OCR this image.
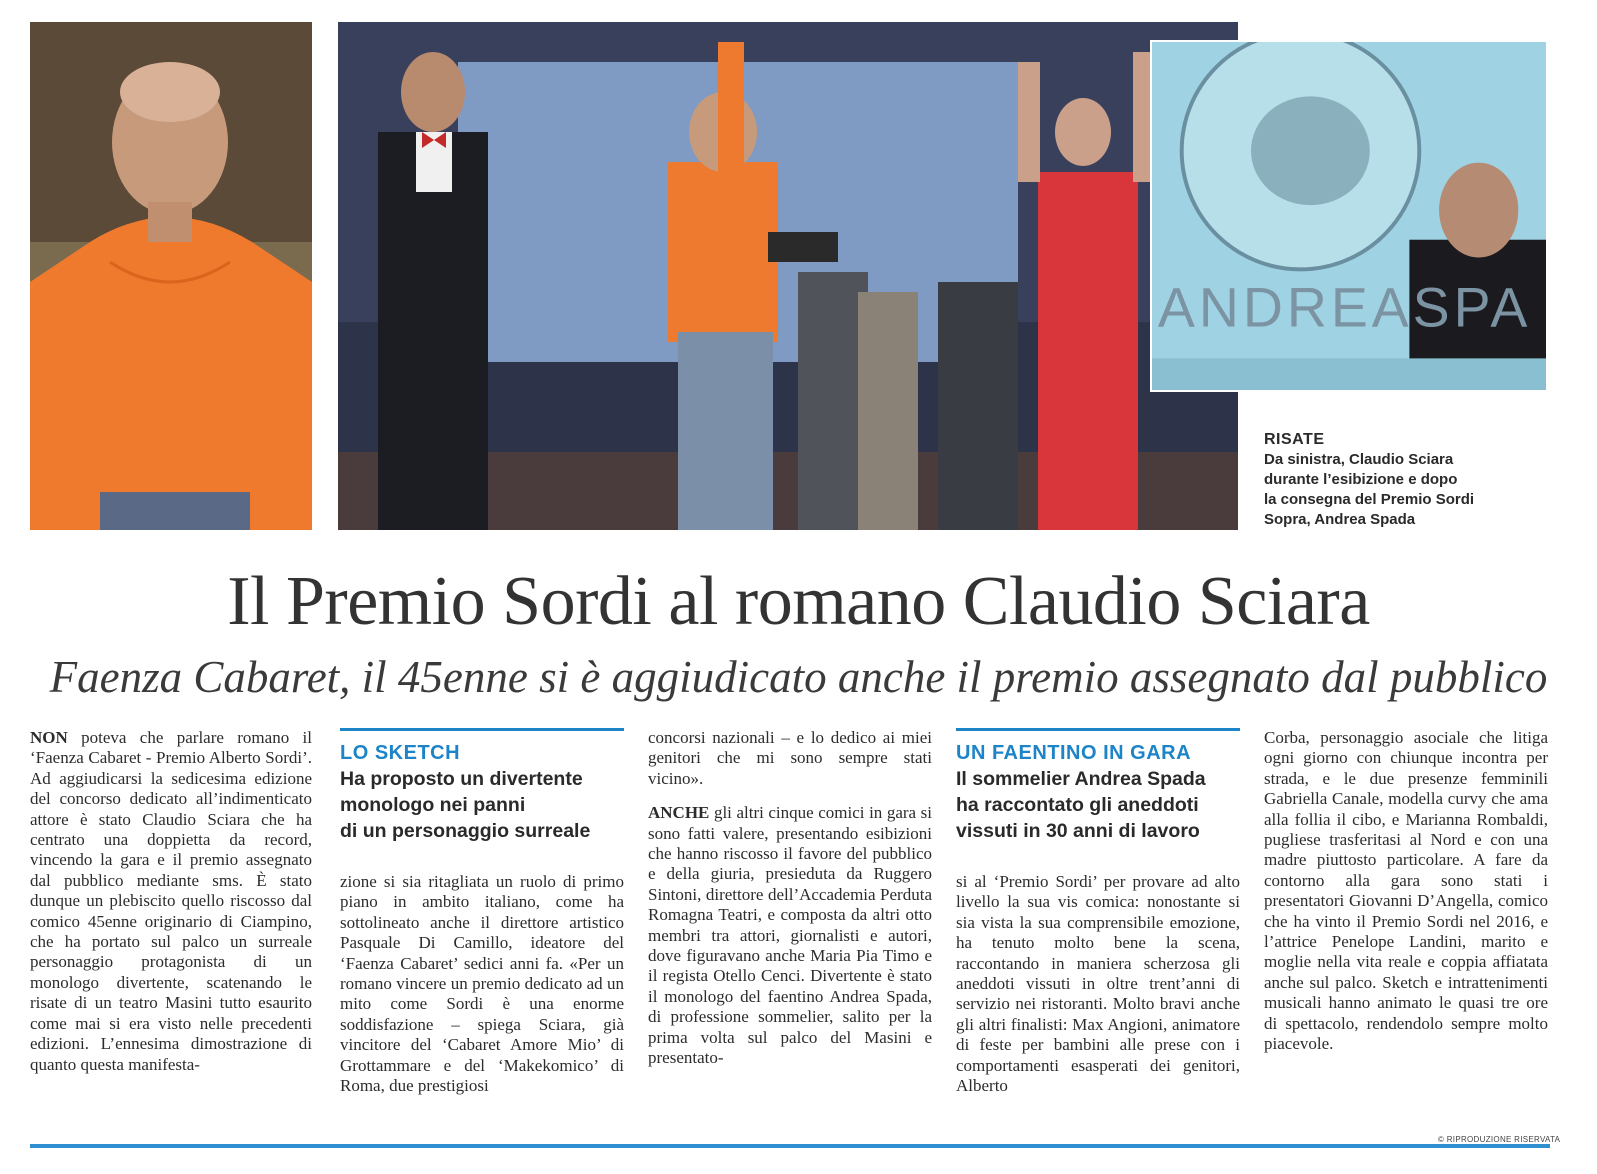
ANDREASPA
RISATE
Da sinistra, Claudio Sciara
durante l’esibizione e dopo
la consegna del Premio Sordi
Sopra, Andrea Spada
Il Premio Sordi al romano Claudio Sciara
Faenza Cabaret, il 45enne si è aggiudicato anche il premio assegnato dal pubblico

NON poteva che parlare romano il ‘Faenza Cabaret - Premio Alberto Sordi’. Ad aggiudicarsi la sedicesima edizione del concorso dedicato all’indimenticato attore è stato Claudio Sciara che ha centrato una doppietta da record, vincendo la gara e il premio assegnato dal pubblico mediante sms. È stato dunque un plebiscito quello riscosso dal comico 45enne originario di Ciampino, che ha portato sul palco un surreale personaggio protagonista di un monologo divertente, scatenando le risate di un teatro Masini tutto esaurito come mai si era visto nelle precedenti edizioni. L’ennesima dimostrazione di quanto questa manifesta-

LO SKETCH
Ha proposto un divertente
monologo nei panni
di un personaggio surreale

zione si sia ritagliata un ruolo di primo piano in ambito italiano, come ha sottolineato anche il direttore artistico Pasquale Di Camillo, ideatore del ‘Faenza Cabaret’ sedici anni fa. «Per un romano vincere un premio dedicato ad un mito come Sordi è una enorme soddisfazione – spiega Sciara, già vincitore del ‘Cabaret Amore Mio’ di Grottammare e del ‘Makekomico’ di Roma, due prestigiosi

concorsi nazionali – e lo dedico ai miei genitori che mi sono sempre stati vicino».

ANCHE gli altri cinque comici in gara si sono fatti valere, presentando esibizioni che hanno riscosso il favore del pubblico e della giuria, presieduta da Ruggero Sintoni, direttore dell’Accademia Perduta Romagna Teatri, e composta da altri otto membri tra attori, giornalisti e autori, dove figuravano anche Maria Pia Timo e il regista Otello Cenci. Divertente è stato il monologo del faentino Andrea Spada, di professione sommelier, salito per la prima volta sul palco del Masini e presentato-

UN FAENTINO IN GARA
Il sommelier Andrea Spada
ha raccontato gli aneddoti
vissuti in 30 anni di lavoro

si al ‘Premio Sordi’ per provare ad alto livello la sua vis comica: nonostante si sia vista la sua comprensibile emozione, ha tenuto molto bene la scena, raccontando in maniera scherzosa gli aneddoti vissuti in oltre trent’anni di servizio nei ristoranti. Molto bravi anche gli altri finalisti: Max Angioni, animatore di feste per bambini alle prese con i comportamenti esasperati dei genitori, Alberto

Corba, personaggio asociale che litiga ogni giorno con chiunque incontra per strada, e le due presenze femminili Gabriella Canale, modella curvy che ama alla follia il cibo, e Marianna Rombaldi, pugliese trasferitasi al Nord e con una madre piuttosto particolare. A fare da contorno alla gara sono stati i presentatori Giovanni D’Angella, comico che ha vinto il Premio Sordi nel 2016, e l’attrice Penelope Landini, marito e moglie nella vita reale e coppia affiatata anche sul palco. Sketch e intrattenimenti musicali hanno animato le quasi tre ore di spettacolo, rendendolo sempre molto piacevole.

© RIPRODUZIONE RISERVATA
